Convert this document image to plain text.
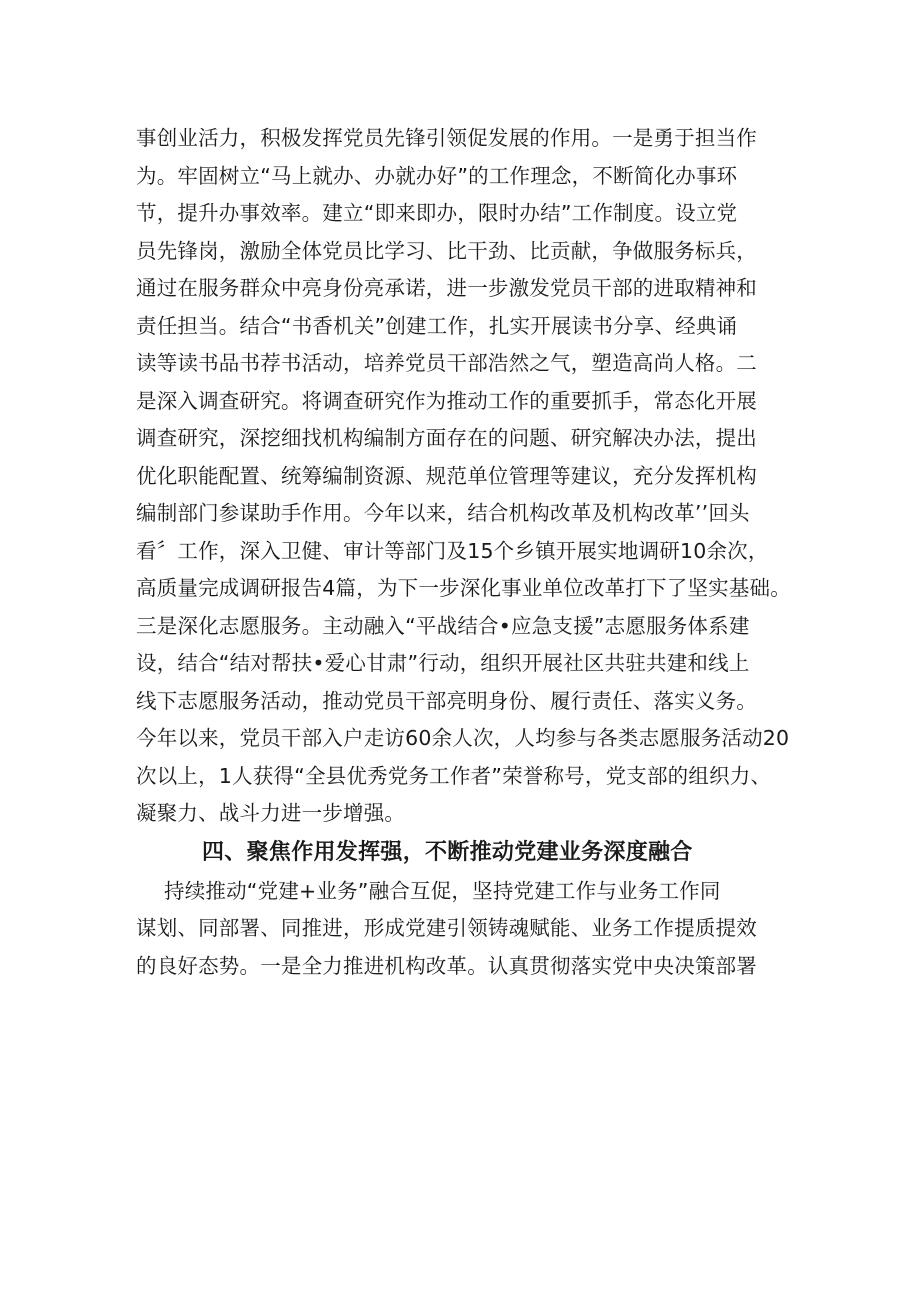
事创业活力，积极发挥党员先锋引领促发展的作用。一是勇于担当作
为。牢固树立“马上就办、办就办好”的工作理念，不断简化办事环
节，提升办事效率。建立“即来即办，限时办结”工作制度。设立党
员先锋岗，激励全体党员比学习、比干劲、比贡献，争做服务标兵，
通过在服务群众中亮身份亮承诺，进一步激发党员干部的进取精神和
责任担当。结合“书香机关”创建工作，扎实开展读书分享、经典诵
读等读书品书荐书活动，培养党员干部浩然之气，塑造高尚人格。二
是深入调查研究。将调查研究作为推动工作的重要抓手，常态化开展
调查研究，深挖细找机构编制方面存在的问题、研究解决办法，提出
优化职能配置、统筹编制资源、规范单位管理等建议，充分发挥机构
编制部门参谋助手作用。今年以来，结合机构改革及机构改革’’回头
看〞工作，深入卫健、审计等部门及15个乡镇开展实地调研10余次，
高质量完成调研报告4篇，为下一步深化事业单位改革打下了坚实基础。
三是深化志愿服务。主动融入“平战结合•应急支援”志愿服务体系建
设，结合“结对帮扶•爱心甘肃”行动，组织开展社区共驻共建和线上
线下志愿服务活动，推动党员干部亮明身份、履行责任、落实义务。
今年以来，党员干部入户走访60余人次，人均参与各类志愿服务活动20
次以上，1人获得“全县优秀党务工作者”荣誉称号，党支部的组织力、
凝聚力、战斗力进一步增强。
四、聚焦作用发挥强，不断推动党建业务深度融合
持续推动“党建+业务”融合互促，坚持党建工作与业务工作同
谋划、同部署、同推进，形成党建引领铸魂赋能、业务工作提质提效
的良好态势。一是全力推进机构改革。认真贯彻落实党中央决策部署
